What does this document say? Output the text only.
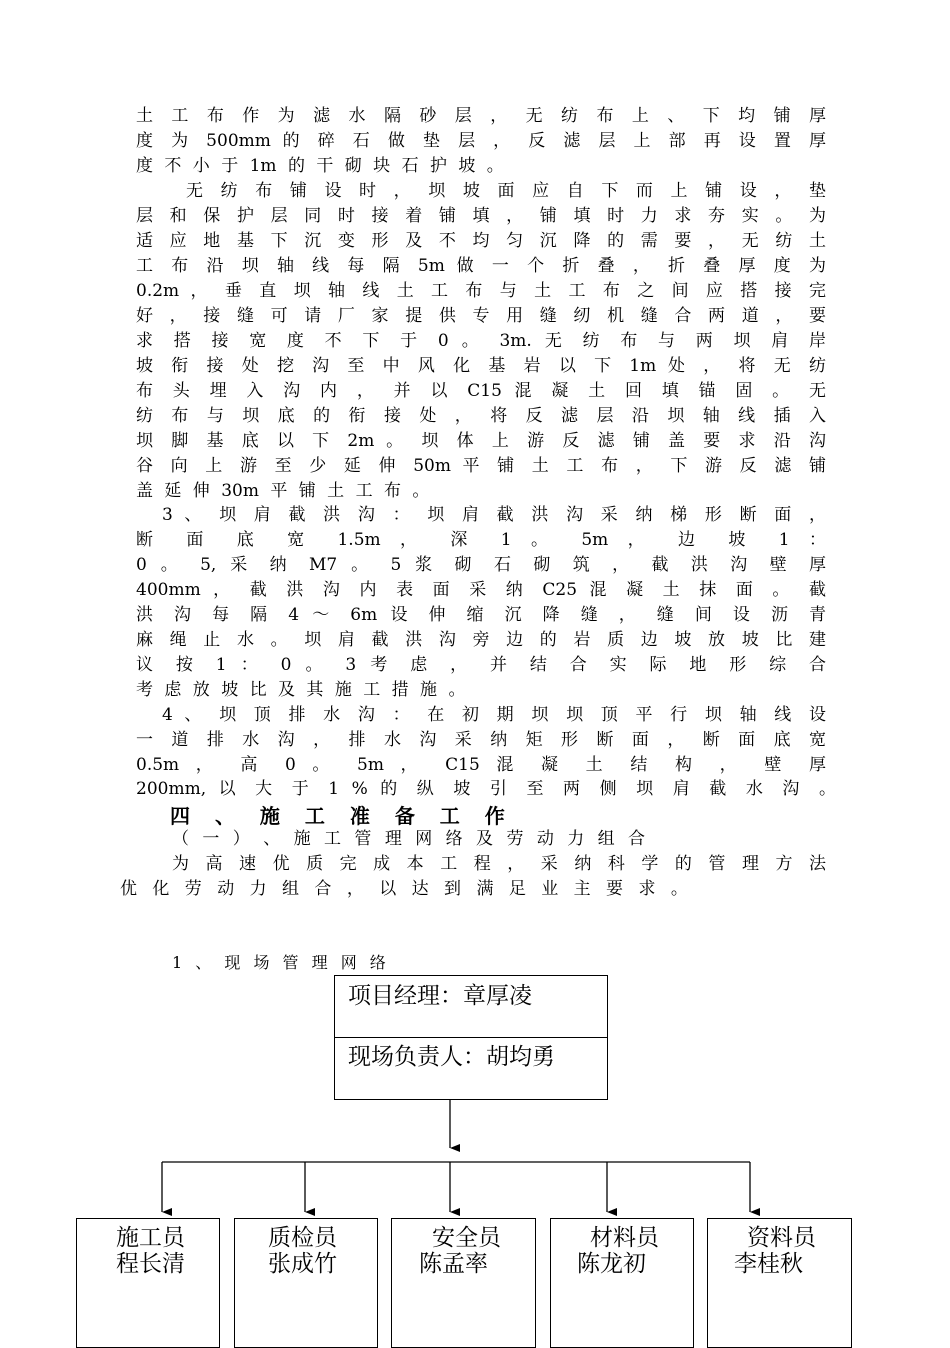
土 工 布 作 为 滤 水 隔 砂 层 ， 无 纺 布 上 、 下 均 铺 厚
度 为 500mm 的 碎 石 做 垫 层 ， 反 滤 层 上 部 再 设 置 厚
度 不 小 于 1m 的 干 砌 块 石 护 坡 。
无 纺 布 铺 设 时 ， 坝 坡 面 应 自 下 而 上 铺 设 ， 垫
层 和 保 护 层 同 时 接 着 铺 填 ， 铺 填 时 力 求 夯 实 。 为
适 应 地 基 下 沉 变 形 及 不 均 匀 沉 降 的 需 要 ， 无 纺 土
工 布 沿 坝 轴 线 每 隔 5m 做 一 个 折 叠 ， 折 叠 厚 度 为
0.2m ， 垂 直 坝 轴 线 土 工 布 与 土 工 布 之 间 应 搭 接 完
好 ， 接 缝 可 请 厂 家 提 供 专 用 缝 纫 机 缝 合 两 道 ， 要
求 搭 接 宽 度 不 下 于 0 。 3m. 无 纺 布 与 两 坝 肩 岸
坡 衔 接 处 挖 沟 至 中 风 化 基 岩 以 下 1m 处 ， 将 无 纺
布 头 埋 入 沟 内 ， 并 以 C15 混 凝 土 回 填 锚 固 。 无
纺 布 与 坝 底 的 衔 接 处 ， 将 反 滤 层 沿 坝 轴 线 插 入
坝 脚 基 底 以 下 2m 。 坝 体 上 游 反 滤 铺 盖 要 求 沿 沟
谷 向 上 游 至 少 延 伸 50m 平 铺 土 工 布 ， 下 游 反 滤 铺
盖 延 伸 30m 平 铺 土 工 布 。
3 、 坝 肩 截 洪 沟 ： 坝 肩 截 洪 沟 采 纳 梯 形 断 面 ，
断 面 底 宽 1.5m ， 深 1 。 5m ， 边 坡 1 ：
0 。 5, 采 纳 M7 。 5 浆 砌 石 砌 筑 ， 截 洪 沟 壁 厚
400mm ， 截 洪 沟 内 表 面 采 纳 C25 混 凝 土 抹 面 。 截
洪 沟 每 隔 4 ～ 6m 设 伸 缩 沉 降 缝 ， 缝 间 设 沥 青
麻 绳 止 水 。 坝 肩 截 洪 沟 旁 边 的 岩 质 边 坡 放 坡 比 建
议 按 1 ： 0 。 3 考 虑 ， 并 结 合 实 际 地 形 综 合
考 虑 放 坡 比 及 其 施 工 措 施 。
4 、 坝 顶 排 水 沟 ： 在 初 期 坝 坝 顶 平 行 坝 轴 线 设
一 道 排 水 沟 ， 排 水 沟 采 纳 矩 形 断 面 ， 断 面 底 宽
0.5m ， 高 0 。 5m ， C15 混 凝 土 结 构 ， 壁 厚
200mm, 以 大 于 1 % 的 纵 坡 引 至 两 侧 坝 肩 截 水 沟 。
四 、 施 工 准 备 工 作
（ 一 ） 、 施 工 管 理 网 络 及 劳 动 力 组 合
为 高 速 优 质 完 成 本 工 程 ， 采 纳 科 学 的 管 理 方 法
优 化 劳 动 力 组 合 ， 以 达 到 满 足 业 主 要 求 。
1 、 现 场 管 理 网 络
项目经理：章厚凌
现场负责人：胡均勇
施工员
程长清
质检员
张成竹
安全员
陈孟率
材料员
陈龙初
资料员
李桂秋
